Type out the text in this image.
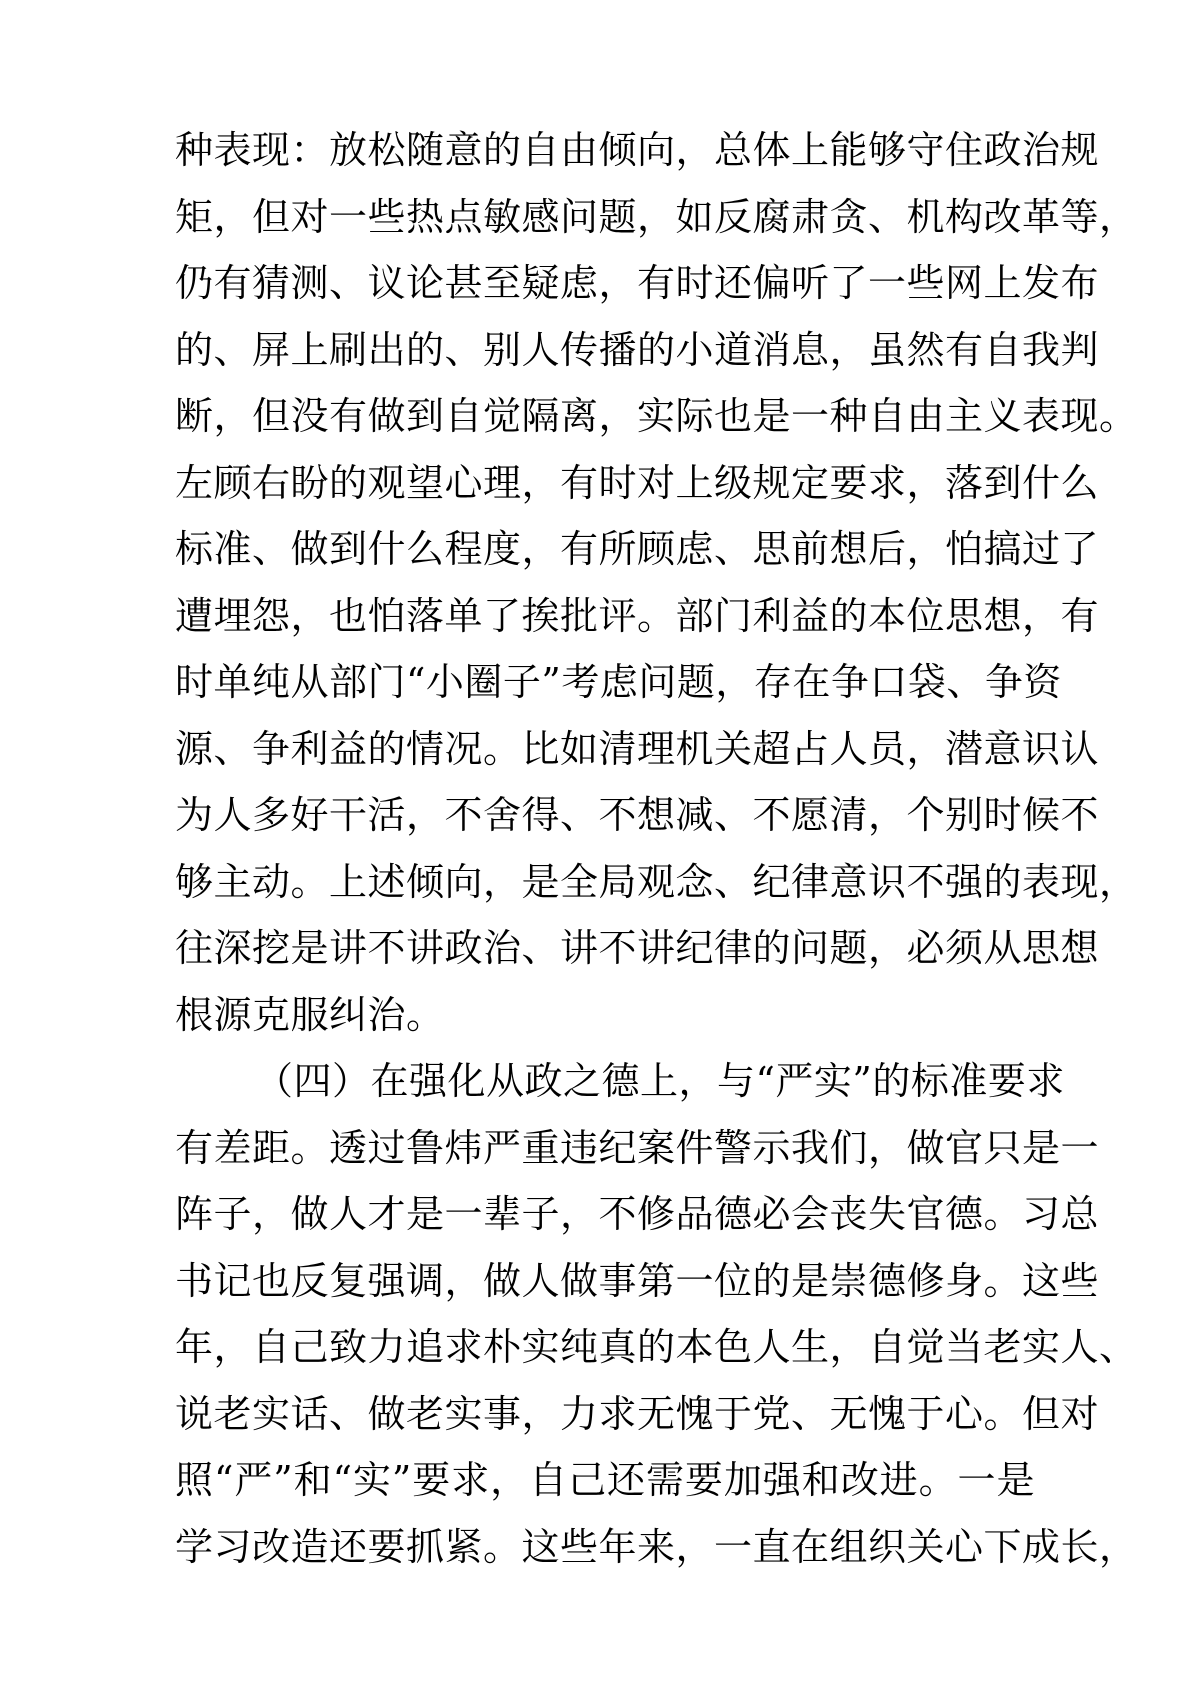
种表现：放松随意的自由倾向，总体上能够守住政治规
矩，但对一些热点敏感问题，如反腐肃贪、机构改革等，
仍有猜测、议论甚至疑虑，有时还偏听了一些网上发布
的、屏上刷出的、别人传播的小道消息，虽然有自我判
断，但没有做到自觉隔离，实际也是一种自由主义表现。
左顾右盼的观望心理，有时对上级规定要求，落到什么
标准、做到什么程度，有所顾虑、思前想后，怕搞过了
遭埋怨，也怕落单了挨批评。部门利益的本位思想，有
时单纯从部门“小圈子”考虑问题，存在争口袋、争资
源、争利益的情况。比如清理机关超占人员，潜意识认
为人多好干活，不舍得、不想减、不愿清，个别时候不
够主动。上述倾向，是全局观念、纪律意识不强的表现，
往深挖是讲不讲政治、讲不讲纪律的问题，必须从思想
根源克服纠治。
（四）在强化从政之德上，与“严实”的标准要求
有差距。透过鲁炜严重违纪案件警示我们，做官只是一
阵子，做人才是一辈子，不修品德必会丧失官德。习总
书记也反复强调，做人做事第一位的是崇德修身。这些
年，自己致力追求朴实纯真的本色人生，自觉当老实人、
说老实话、做老实事，力求无愧于党、无愧于心。但对
照“严”和“实”要求，自己还需要加强和改进。一是
学习改造还要抓紧。这些年来，一直在组织关心下成长，
